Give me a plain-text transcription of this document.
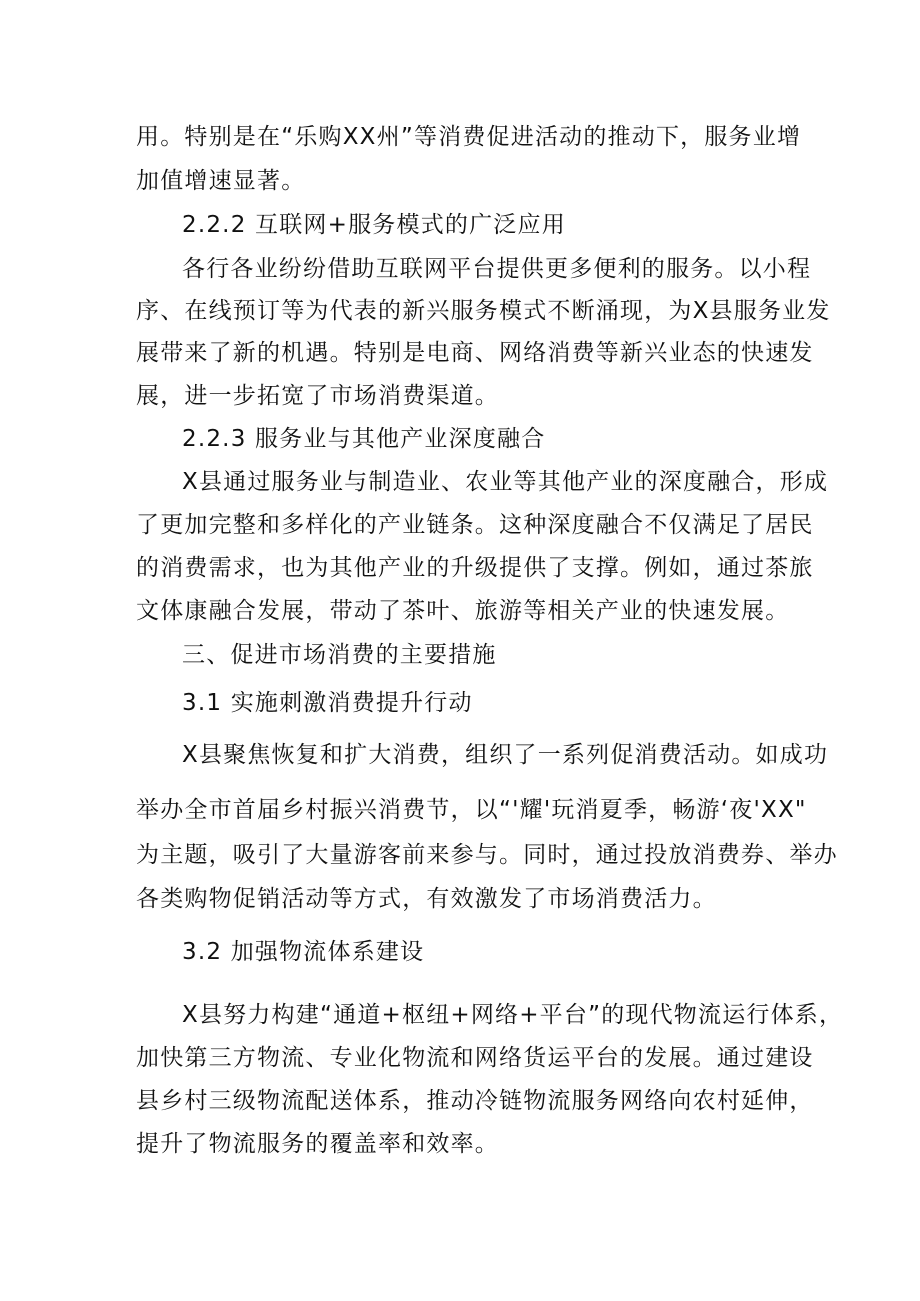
用。特别是在“乐购XX州”等消费促进活动的推动下，服务业增
加值增速显著。
2.2.2 互联网+服务模式的广泛应用
各行各业纷纷借助互联网平台提供更多便利的服务。以小程
序、在线预订等为代表的新兴服务模式不断涌现，为X县服务业发
展带来了新的机遇。特别是电商、网络消费等新兴业态的快速发
展，进一步拓宽了市场消费渠道。
2.2.3 服务业与其他产业深度融合
X县通过服务业与制造业、农业等其他产业的深度融合，形成
了更加完整和多样化的产业链条。这种深度融合不仅满足了居民
的消费需求，也为其他产业的升级提供了支撑。例如，通过茶旅
文体康融合发展，带动了茶叶、旅游等相关产业的快速发展。
三、促进市场消费的主要措施
3.1 实施刺激消费提升行动
X县聚焦恢复和扩大消费，组织了一系列促消费活动。如成功
举办全市首届乡村振兴消费节，以“'耀'玩消夏季，畅游‘夜'XX"
为主题，吸引了大量游客前来参与。同时，通过投放消费券、举办
各类购物促销活动等方式，有效激发了市场消费活力。
3.2 加强物流体系建设
X县努力构建“通道+枢纽+网络+平台”的现代物流运行体系，
加快第三方物流、专业化物流和网络货运平台的发展。通过建设
县乡村三级物流配送体系，推动冷链物流服务网络向农村延伸，
提升了物流服务的覆盖率和效率。
